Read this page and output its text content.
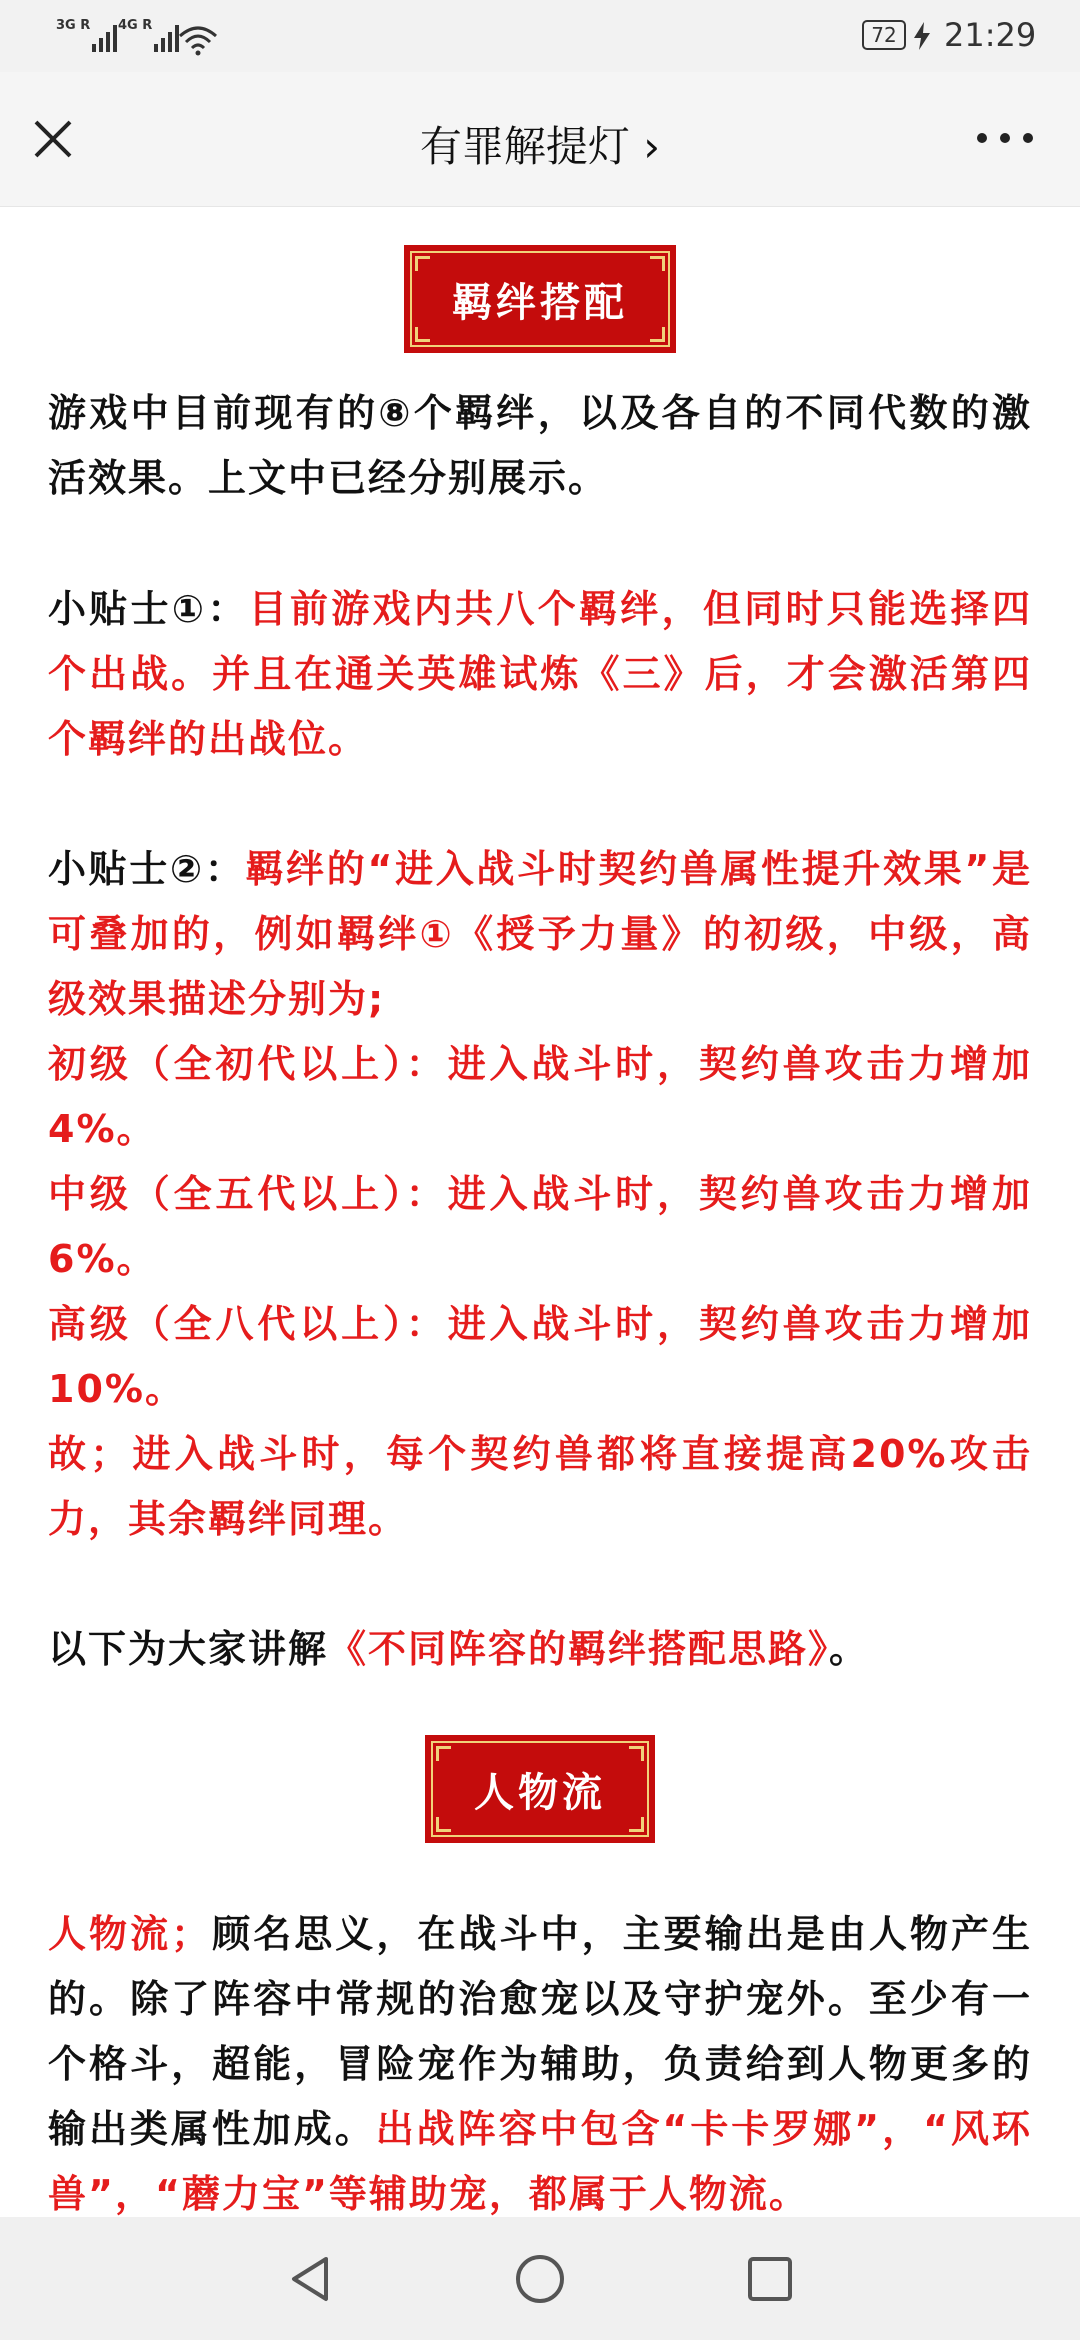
3G R 4G R	72 21:29
有罪解提灯 ›
羁绊搭配
游戏中目前现有的⑧个羁绊，以及各自的不同代数的激活效果。上文中已经分别展示。
小贴士①：目前游戏内共八个羁绊，但同时只能选择四个出战。并且在通关英雄试炼《三》后，才会激活第四个羁绊的出战位。
小贴士②：羁绊的“进入战斗时契约兽属性提升效果”是可叠加的，例如羁绊①《授予力量》的初级，中级，高级效果描述分别为;
初级（全初代以上）：进入战斗时，契约兽攻击力增加4%。
中级（全五代以上）：进入战斗时，契约兽攻击力增加6%。
高级（全八代以上）：进入战斗时，契约兽攻击力增加10%。
故；进入战斗时，每个契约兽都将直接提高20%攻击力，其余羁绊同理。
以下为大家讲解《不同阵容的羁绊搭配思路》。
人物流
人物流；顾名思义，在战斗中，主要输出是由人物产生的。除了阵容中常规的治愈宠以及守护宠外。至少有一个格斗，超能，冒险宠作为辅助，负责给到人物更多的输出类属性加成。出战阵容中包含“卡卡罗娜”，“风环兽”，“蘑力宝”等辅助宠，都属于人物流。
